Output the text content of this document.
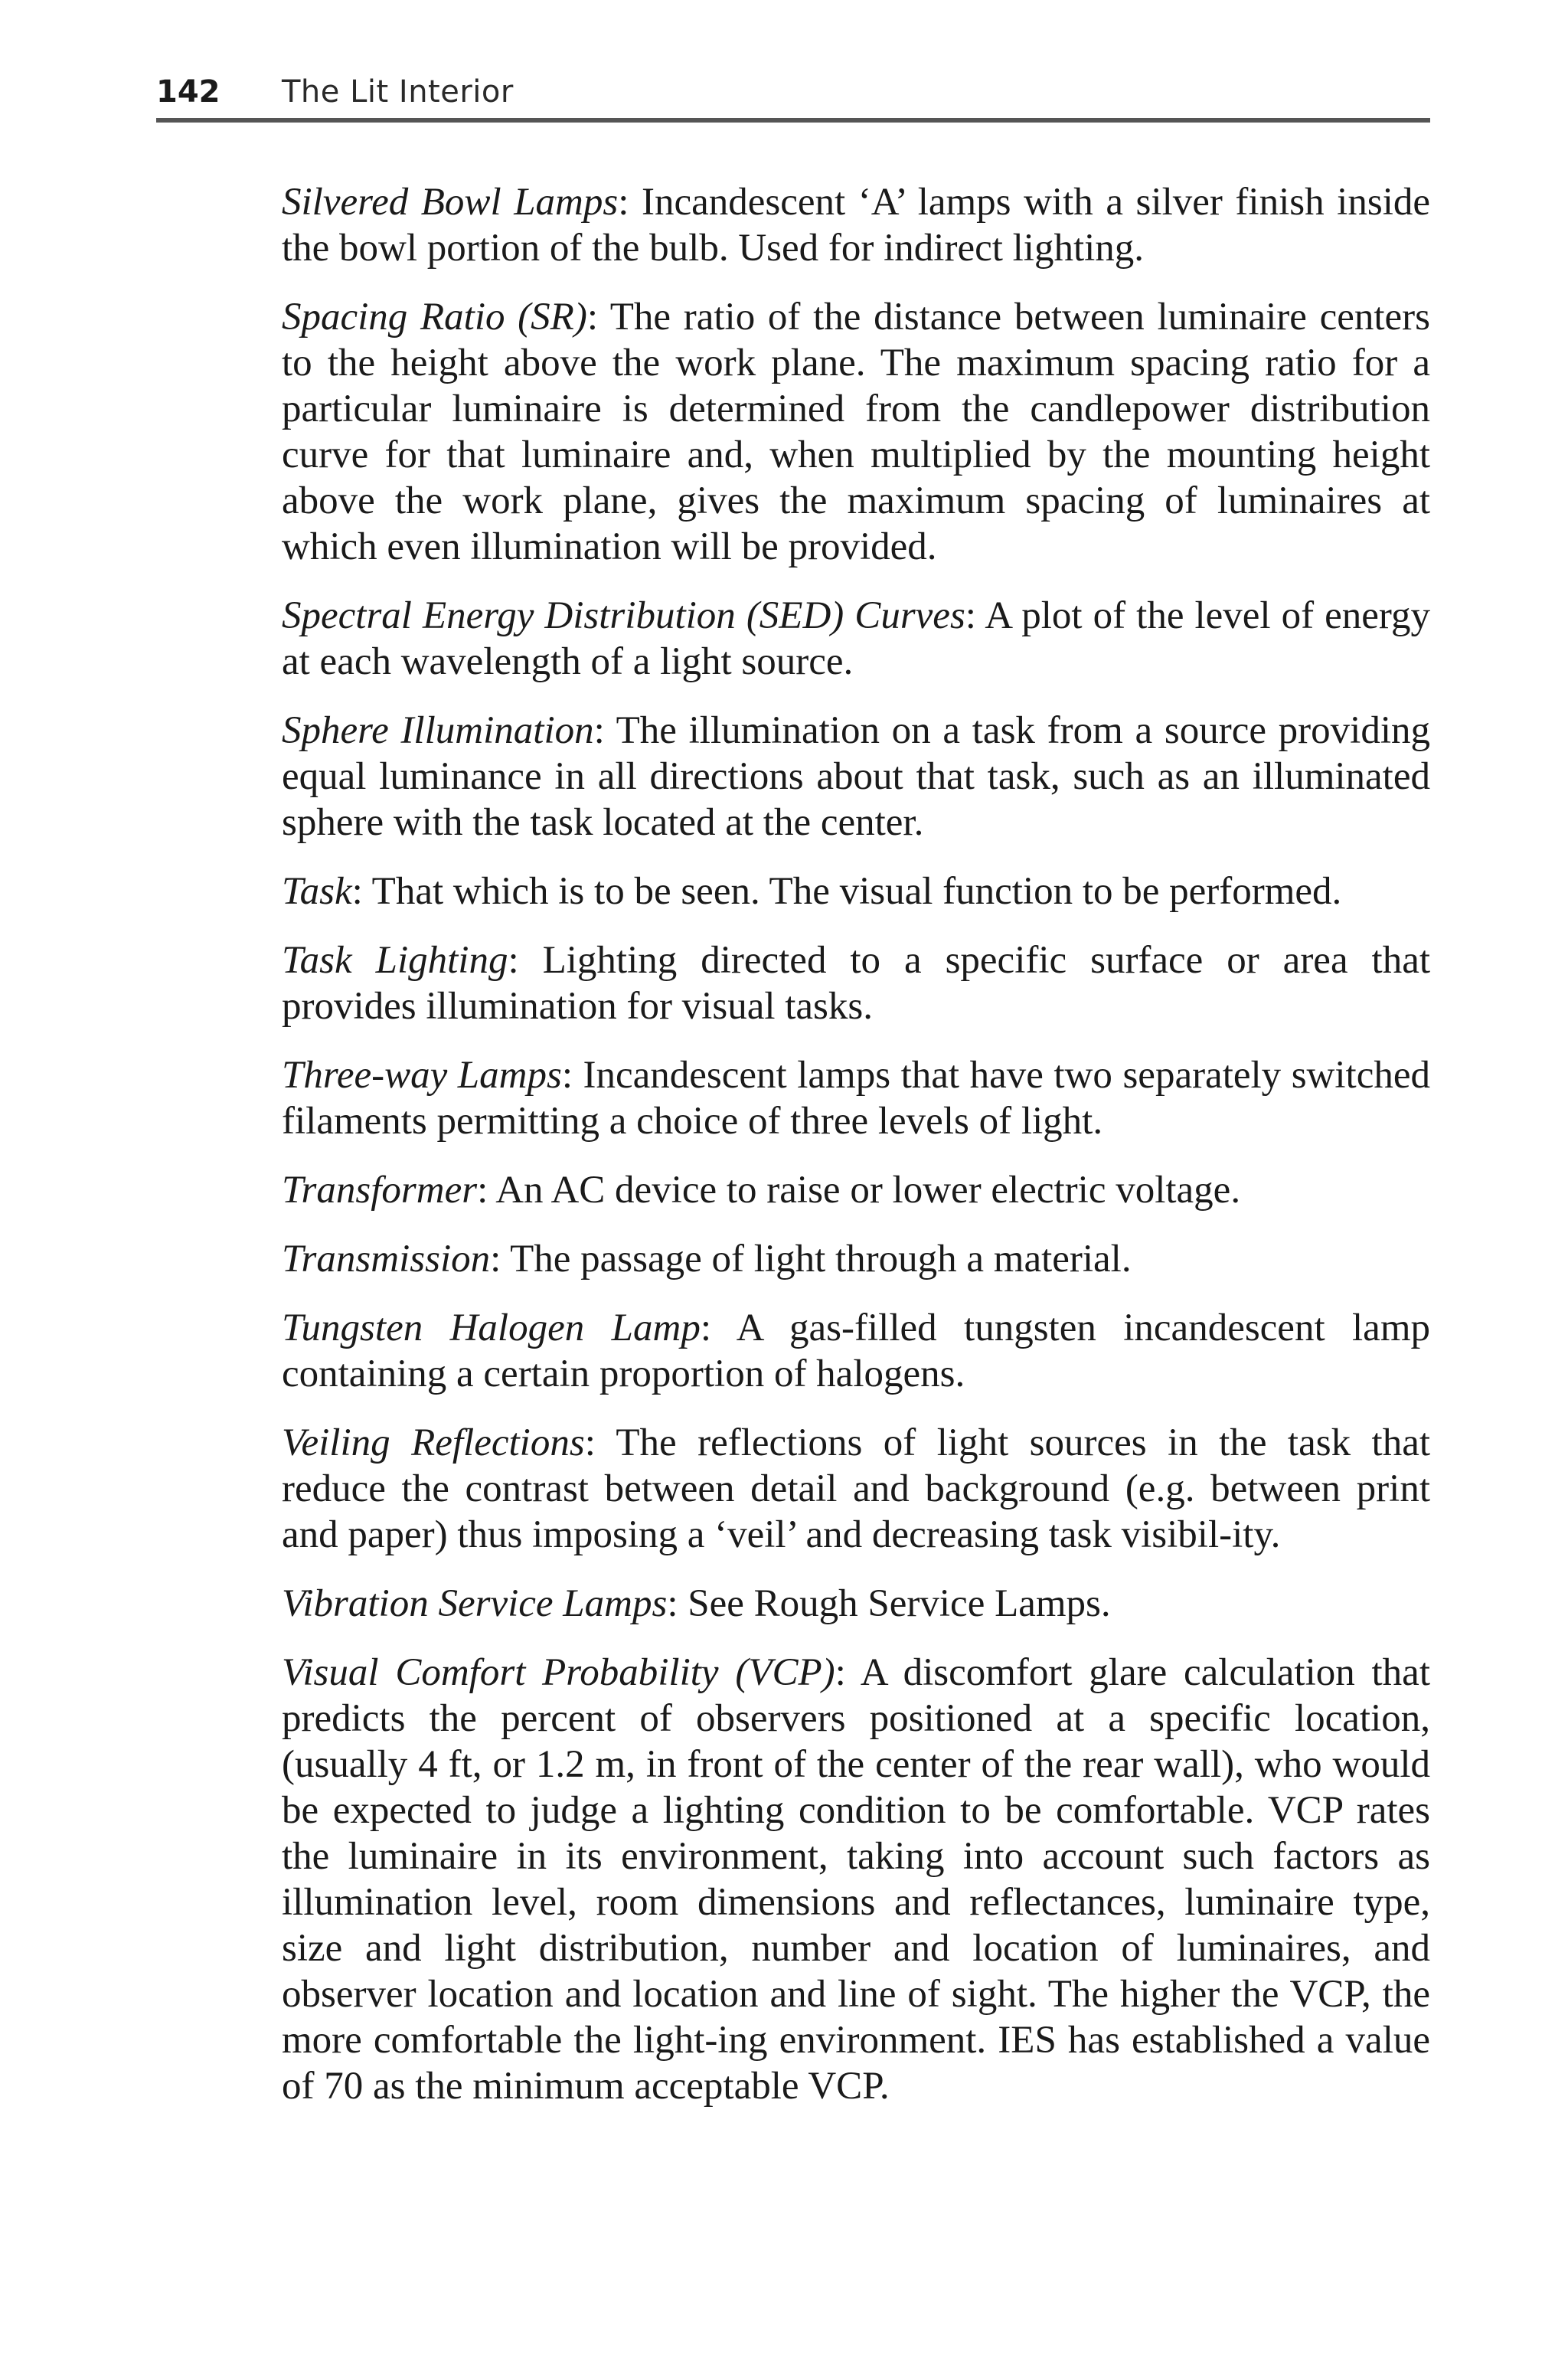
142 The Lit Interior

Silvered Bowl Lamps: Incandescent ‘A’ lamps with a silver finish inside the bowl portion of the bulb. Used for indirect lighting.

Spacing Ratio (SR): The ratio of the distance between luminaire centers to the height above the work plane. The maximum spacing ratio for a particular luminaire is determined from the candlepower distribution curve for that luminaire and, when multiplied by the mounting height above the work plane, gives the maximum spacing of luminaires at which even illumination will be provided.

Spectral Energy Distribution (SED) Curves: A plot of the level of energy at each wavelength of a light source.

Sphere Illumination: The illumination on a task from a source providing equal luminance in all directions about that task, such as an illuminated sphere with the task located at the center.

Task: That which is to be seen. The visual function to be performed.

Task Lighting: Lighting directed to a specific surface or area that provides illumination for visual tasks.

Three-way Lamps: Incandescent lamps that have two separately switched filaments permitting a choice of three levels of light.

Transformer: An AC device to raise or lower electric voltage.

Transmission: The passage of light through a material.

Tungsten Halogen Lamp: A gas-filled tungsten incandescent lamp containing a certain proportion of halogens.

Veiling Reflections: The reflections of light sources in the task that reduce the contrast between detail and background (e.g. between print and paper) thus imposing a ‘veil’ and decreasing task visibil-ity.

Vibration Service Lamps: See Rough Service Lamps.

Visual Comfort Probability (VCP): A discomfort glare calculation that predicts the percent of observers positioned at a specific location, (usually 4 ft, or 1.2 m, in front of the center of the rear wall), who would be expected to judge a lighting condition to be comfortable. VCP rates the luminaire in its environment, taking into account such factors as illumination level, room dimensions and reflectances, luminaire type, size and light distribution, number and location of luminaires, and observer location and location and line of sight. The higher the VCP, the more comfortable the light-ing environment. IES has established a value of 70 as the minimum acceptable VCP.
